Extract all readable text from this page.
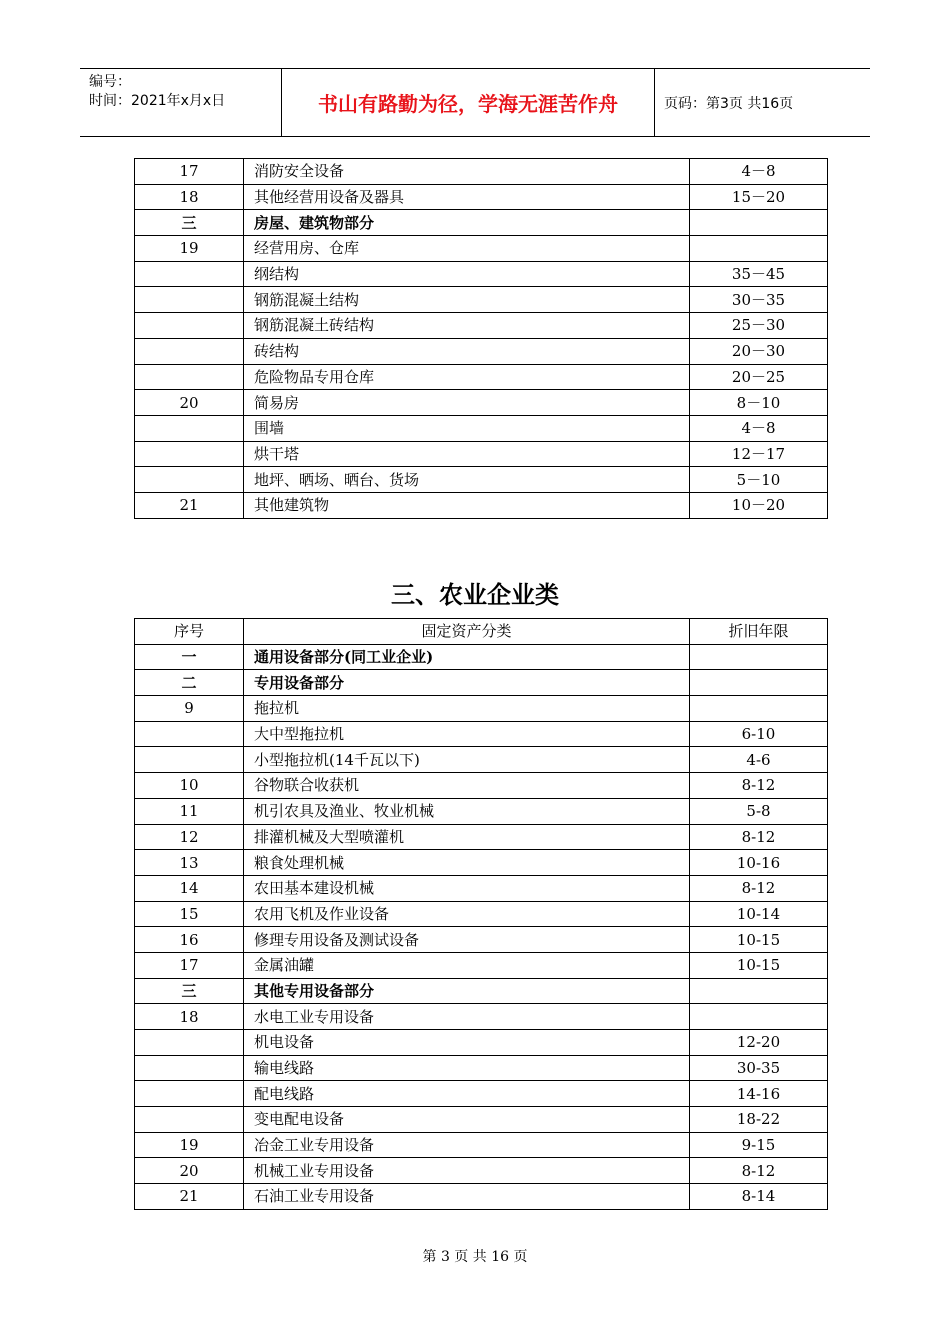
编号：
时间：2021年x月x日	书山有路勤为径，学海无涯苦作舟	页码：第3页 共16页
17	消防安全设备	4－8
18	其他经营用设备及器具	15－20
三	房屋、建筑物部分	
19	经营用房、仓库	
	纲结构	35－45
	钢筋混凝土结构	30－35
	钢筋混凝土砖结构	25－30
	砖结构	20－30
	危险物品专用仓库	20－25
20	简易房	8－10
	围墙	4－8
	烘干塔	12－17
	地坪、晒场、晒台、货场	5－10
21	其他建筑物	10－20
三、农业企业类
序号	固定资产分类	折旧年限
一	通用设备部分(同工业企业)	
二	专用设备部分	
9	拖拉机	
	大中型拖拉机	6-10
	小型拖拉机(14千瓦以下)	4-6
10	谷物联合收获机	8-12
11	机引农具及渔业、牧业机械	5-8
12	排灌机械及大型喷灌机	8-12
13	粮食处理机械	10-16
14	农田基本建设机械	8-12
15	农用飞机及作业设备	10-14
16	修理专用设备及测试设备	10-15
17	金属油罐	10-15
三	其他专用设备部分	
18	水电工业专用设备	
	机电设备	12-20
	输电线路	30-35
	配电线路	14-16
	变电配电设备	18-22
19	冶金工业专用设备	9-15
20	机械工业专用设备	8-12
21	石油工业专用设备	8-14
第 3 页 共 16 页
